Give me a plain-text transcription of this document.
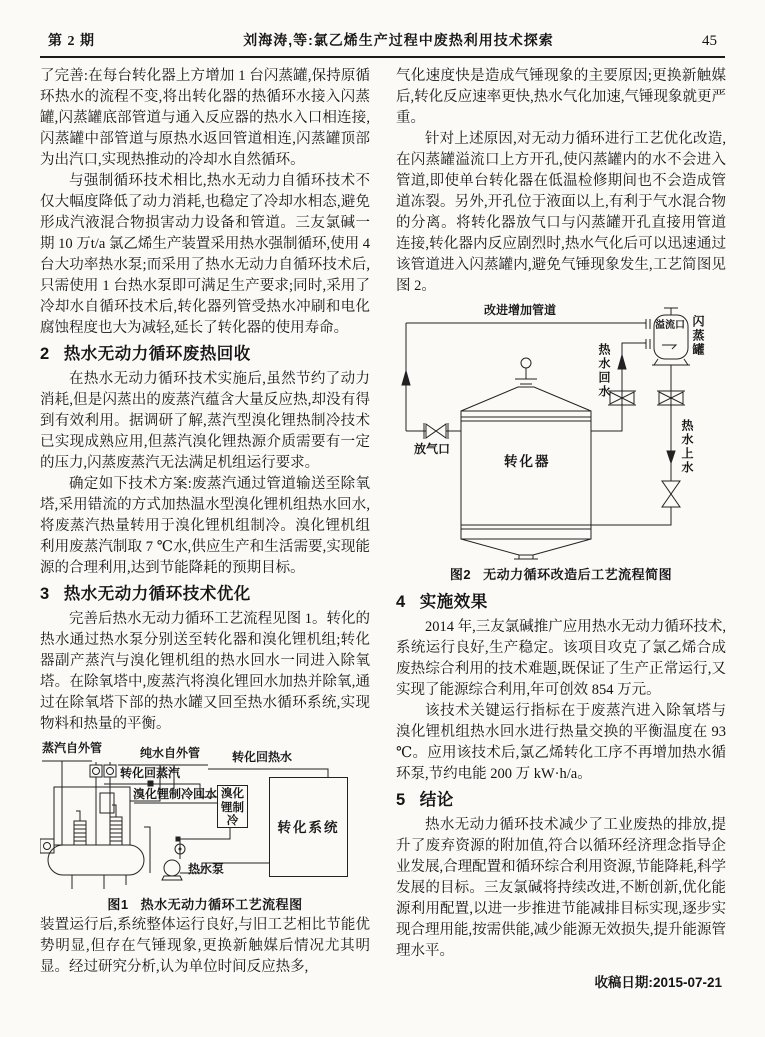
第 2 期	刘海涛,等:氯乙烯生产过程中废热利用技术探索	45

了完善:在每台转化器上方增加 1 台闪蒸罐,保持原循环热水的流程不变,将出转化器的热循环水接入闪蒸罐,闪蒸罐底部管道与通入反应器的热水入口相连接,闪蒸罐中部管道与原热水返回管道相连,闪蒸罐顶部为出汽口,实现热推动的冷却水自然循环。

与强制循环技术相比,热水无动力自循环技术不仅大幅度降低了动力消耗,也稳定了冷却水相态,避免形成汽液混合物损害动力设备和管道。三友氯碱一期 10 万t/a 氯乙烯生产装置采用热水强制循环,使用 4 台大功率热水泵;而采用了热水无动力自循环技术后,只需使用 1 台热水泵即可满足生产要求;同时,采用了冷却水自循环技术后,转化器列管受热水冲刷和电化腐蚀程度也大为减轻,延长了转化器的使用寿命。

2 热水无动力循环废热回收

在热水无动力循环技术实施后,虽然节约了动力消耗,但是闪蒸出的废蒸汽蕴含大量反应热,却没有得到有效利用。据调研了解,蒸汽型溴化锂热制冷技术已实现成熟应用,但蒸汽溴化锂热源介质需要有一定的压力,闪蒸废蒸汽无法满足机组运行要求。

确定如下技术方案:废蒸汽通过管道输送至除氧塔,采用错流的方式加热温水型溴化锂机组热水回水,将废蒸汽热量转用于溴化锂机组制冷。溴化锂机组利用废蒸汽制取 7 ℃水,供应生产和生活需要,实现能源的合理利用,达到节能降耗的预期目标。

3 热水无动力循环技术优化

完善后热水无动力循环工艺流程见图 1。转化的热水通过热水泵分别送至转化器和溴化锂机组;转化器副产蒸汽与溴化锂机组的热水回水一同进入除氧塔。在除氧塔中,废蒸汽将溴化锂回水加热并除氧,通过在除氧塔下部的热水罐又回至热水循环系统,实现物料和热量的平衡。

蒸汽自外管	纯水自外管	转化回热水
转化回蒸汽
溴化锂制冷回水 溴化锂制冷	转化系统
热水泵
图1 热水无动力循环工艺流程图

装置运行后,系统整体运行良好,与旧工艺相比节能优势明显,但存在气锤现象,更换新触媒后情况尤其明显。经过研究分析,认为单位时间反应热多,

气化速度快是造成气锤现象的主要原因;更换新触媒后,转化反应速率更快,热水气化加速,气锤现象就更严重。

针对上述原因,对无动力循环进行工艺优化改造,在闪蒸罐溢流口上方开孔,使闪蒸罐内的水不会进入管道,即使单台转化器在低温检修期间也不会造成管道冻裂。另外,开孔位于液面以上,有利于气水混合物的分离。将转化器放气口与闪蒸罐开孔直接用管道连接,转化器内反应剧烈时,热水气化后可以迅速通过该管道进入闪蒸罐内,避免气锤现象发生,工艺简图见图 2。

改进增加管道
溢流口 闪蒸罐
热水回水
放气口
转化器	热水上水
图2 无动力循环改造后工艺流程简图
4 实施效果

2014 年,三友氯碱推广应用热水无动力循环技术,系统运行良好,生产稳定。该项目攻克了氯乙烯合成废热综合利用的技术难题,既保证了生产正常运行,又实现了能源综合利用,年可创效 854 万元。

该技术关键运行指标在于废蒸汽进入除氧塔与溴化锂机组热水回水进行热量交换的平衡温度在 93 ℃。应用该技术后,氯乙烯转化工序不再增加热水循环泵,节约电能 200 万 kW·h/a。

5 结论

热水无动力循环技术减少了工业废热的排放,提升了废弃资源的附加值,符合以循环经济理念指导企业发展,合理配置和循环综合利用资源,节能降耗,科学发展的目标。三友氯碱将持续改进,不断创新,优化能源利用配置,以进一步推进节能减排目标实现,逐步实现合理用能,按需供能,减少能源无效损失,提升能源管理水平。

收稿日期:2015-07-21
